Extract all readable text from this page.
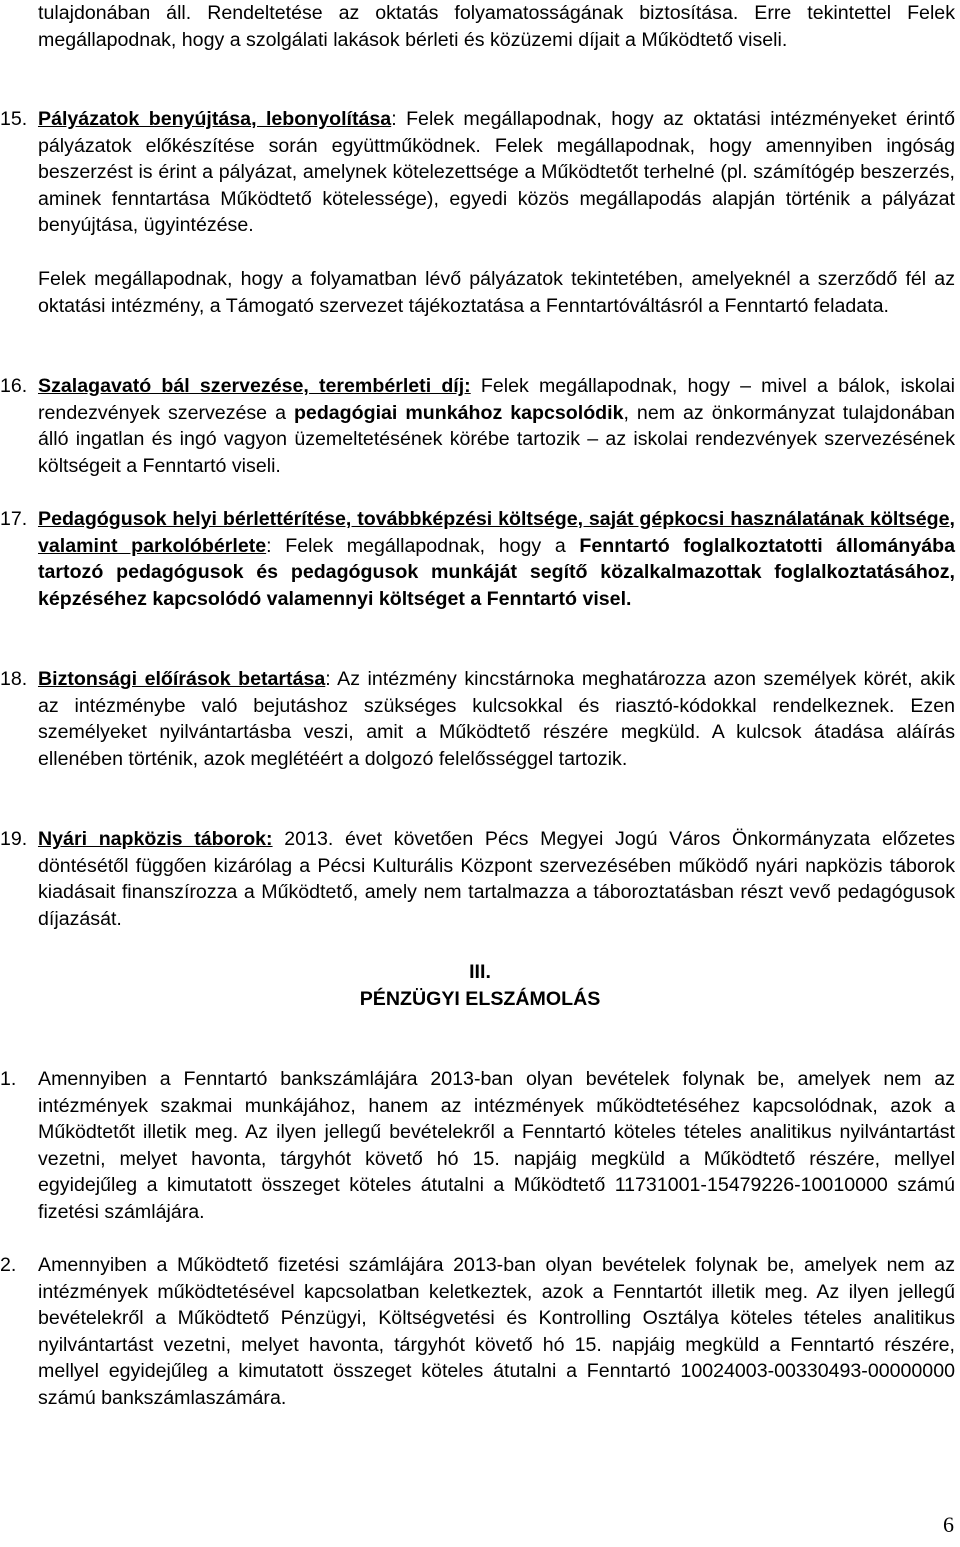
tulajdonában áll. Rendeltetése az oktatás folyamatosságának biztosítása. Erre tekintettel Felek megállapodnak, hogy a szolgálati lakások bérleti és közüzemi díjait a Működtető viseli.

15. Pályázatok benyújtása, lebonyolítása: Felek megállapodnak, hogy az oktatási intézményeket érintő pályázatok előkészítése során együttműködnek. Felek megállapodnak, hogy amennyiben ingóság beszerzést is érint a pályázat, amelynek kötelezettsége a Működtetőt terhelné (pl. számítógép beszerzés, aminek fenntartása Működtető kötelessége), egyedi közös megállapodás alapján történik a pályázat benyújtása, ügyintézése.

Felek megállapodnak, hogy a folyamatban lévő pályázatok tekintetében, amelyeknél a szerződő fél az oktatási intézmény, a Támogató szervezet tájékoztatása a Fenntartóváltásról a Fenntartó feladata.

16. Szalagavató bál szervezése, terembérleti díj: Felek megállapodnak, hogy – mivel a bálok, iskolai rendezvények szervezése a pedagógiai munkához kapcsolódik, nem az önkormányzat tulajdonában álló ingatlan és ingó vagyon üzemeltetésének körébe tartozik – az iskolai rendezvények szervezésének költségeit a Fenntartó viseli.

17. Pedagógusok helyi bérlettérítése, továbbképzési költsége, saját gépkocsi használatának költsége, valamint parkolóbérlete: Felek megállapodnak, hogy a Fenntartó foglalkoztatotti állományába tartozó pedagógusok és pedagógusok munkáját segítő közalkalmazottak foglalkoztatásához, képzéséhez kapcsolódó valamennyi költséget a Fenntartó visel.

18. Biztonsági előírások betartása: Az intézmény kincstárnoka meghatározza azon személyek körét, akik az intézménybe való bejutáshoz szükséges kulcsokkal és riasztó-kódokkal rendelkeznek. Ezen személyeket nyilvántartásba veszi, amit a Működtető részére megküld. A kulcsok átadása aláírás ellenében történik, azok meglétéért a dolgozó felelősséggel tartozik.

19. Nyári napközis táborok: 2013. évet követően Pécs Megyei Jogú Város Önkormányzata előzetes döntésétől függően kizárólag a Pécsi Kulturális Központ szervezésében működő nyári napközis táborok kiadásait finanszírozza a Működtető, amely nem tartalmazza a táboroztatásban részt vevő pedagógusok díjazását.

III.

PÉNZÜGYI ELSZÁMOLÁS

1. Amennyiben a Fenntartó bankszámlájára 2013-ban olyan bevételek folynak be, amelyek nem az intézmények szakmai munkájához, hanem az intézmények működtetéséhez kapcsolódnak, azok a Működtetőt illetik meg. Az ilyen jellegű bevételekről a Fenntartó köteles tételes analitikus nyilvántartást vezetni, melyet havonta, tárgyhót követő hó 15. napjáig megküld a Működtető részére, mellyel egyidejűleg a kimutatott összeget köteles átutalni a Működtető 11731001-15479226-10010000 számú fizetési számlájára.

2. Amennyiben a Működtető fizetési számlájára 2013-ban olyan bevételek folynak be, amelyek nem az intézmények működtetésével kapcsolatban keletkeztek, azok a Fenntartót illetik meg. Az ilyen jellegű bevételekről a Működtető Pénzügyi, Költségvetési és Kontrolling Osztálya köteles tételes analitikus nyilvántartást vezetni, melyet havonta, tárgyhót követő hó 15. napjáig megküld a Fenntartó részére, mellyel egyidejűleg a kimutatott összeget köteles átutalni a Fenntartó 10024003-00330493-00000000 számú bankszámlaszámára.

6
